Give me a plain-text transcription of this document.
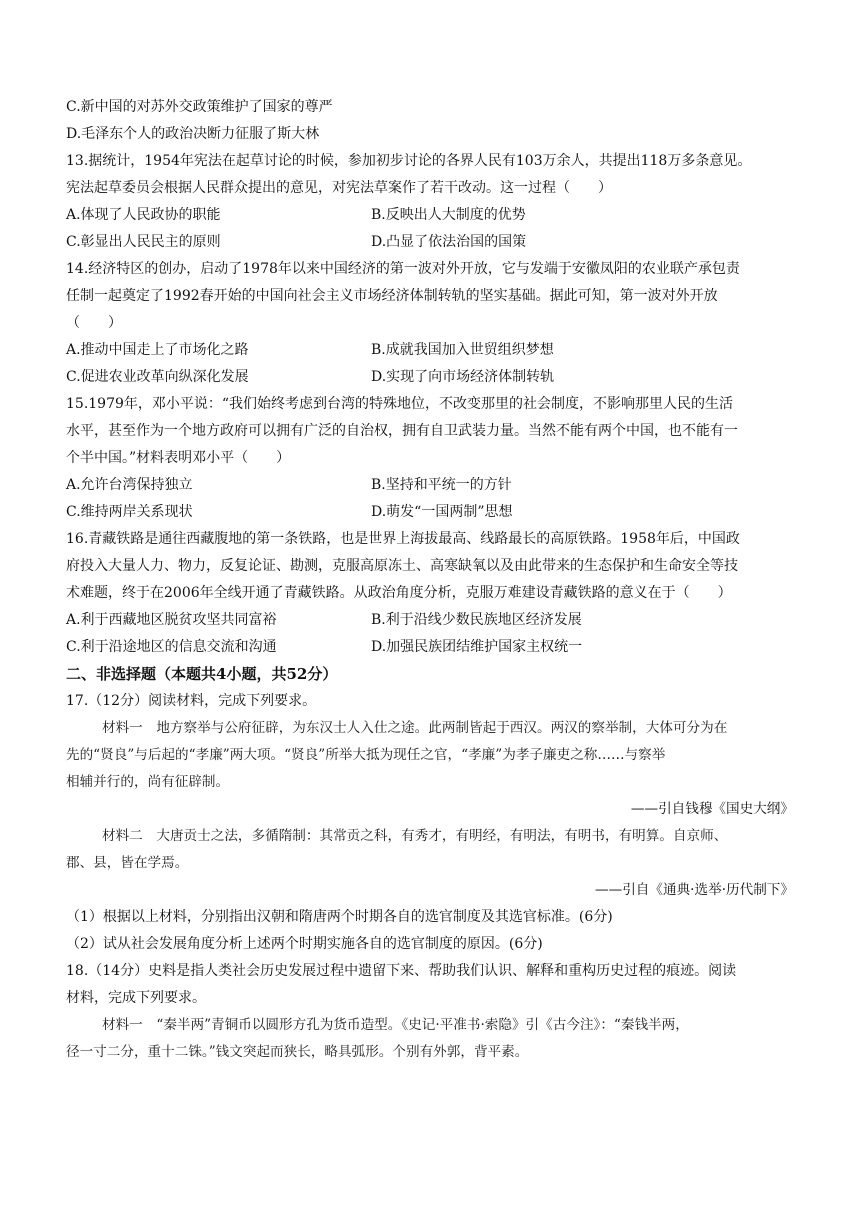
C.新中国的对苏外交政策维护了国家的尊严
D.毛泽东个人的政治决断力征服了斯大林
13.据统计，1954年宪法在起草讨论的时候，参加初步讨论的各界人民有103万余人，共提出118万多条意见。
宪法起草委员会根据人民群众提出的意见，对宪法草案作了若干改动。这一过程（　　）
A.体现了人民政协的职能	B.反映出人大制度的优势
C.彰显出人民民主的原则	D.凸显了依法治国的国策
14.经济特区的创办，启动了1978年以来中国经济的第一波对外开放，它与发端于安徽凤阳的农业联产承包责
任制一起奠定了1992春开始的中国向社会主义市场经济体制转轨的坚实基础。据此可知，第一波对外开放
（　　）
A.推动中国走上了市场化之路	B.成就我国加入世贸组织梦想
C.促进农业改革向纵深化发展	D.实现了向市场经济体制转轨
15.1979年，邓小平说：“我们始终考虑到台湾的特殊地位，不改变那里的社会制度，不影响那里人民的生活
水平，甚至作为一个地方政府可以拥有广泛的自治权，拥有自卫武装力量。当然不能有两个中国，也不能有一
个半中国。”材料表明邓小平（　　）
A.允许台湾保持独立	B.坚持和平统一的方针
C.维持两岸关系现状	D.萌发“一国两制”思想
16.青藏铁路是通往西藏腹地的第一条铁路，也是世界上海拔最高、线路最长的高原铁路。1958年后，中国政
府投入大量人力、物力，反复论证、勘测，克服高原冻土、高寒缺氧以及由此带来的生态保护和生命安全等技
术难题，终于在2006年全线开通了青藏铁路。从政治角度分析，克服万难建设青藏铁路的意义在于（　　）
A.利于西藏地区脱贫攻坚共同富裕	B.利于沿线少数民族地区经济发展
C.利于沿途地区的信息交流和沟通	D.加强民族团结维护国家主权统一
二、非选择题（本题共4小题，共52分）
17.（12分）阅读材料，完成下列要求。
材料一　地方察举与公府征辟，为东汉士人入仕之途。此两制皆起于西汉。两汉的察举制，大体可分为在
先的“贤良”与后起的“孝廉”两大项。“贤良”所举大抵为现任之官，“孝廉”为孝子廉吏之称……与察举
相辅并行的，尚有征辟制。
——引自钱穆《国史大纲》
材料二　大唐贡士之法，多循隋制：其常贡之科，有秀才，有明经，有明法，有明书，有明算。自京师、
郡、县，皆在学焉。
——引自《通典·选举·历代制下》
（1）根据以上材料，分别指出汉朝和隋唐两个时期各自的选官制度及其选官标准。(6分)
（2）试从社会发展角度分析上述两个时期实施各自的选官制度的原因。(6分)
18.（14分）史料是指人类社会历史发展过程中遗留下来、帮助我们认识、解释和重构历史过程的痕迹。阅读
材料，完成下列要求。
材料一　“秦半两”青铜币以圆形方孔为货币造型。《史记·平准书·索隐》引《古今注》：“秦钱半两，
径一寸二分，重十二铢。”钱文突起而狭长，略具弧形。个别有外郭，背平素。
